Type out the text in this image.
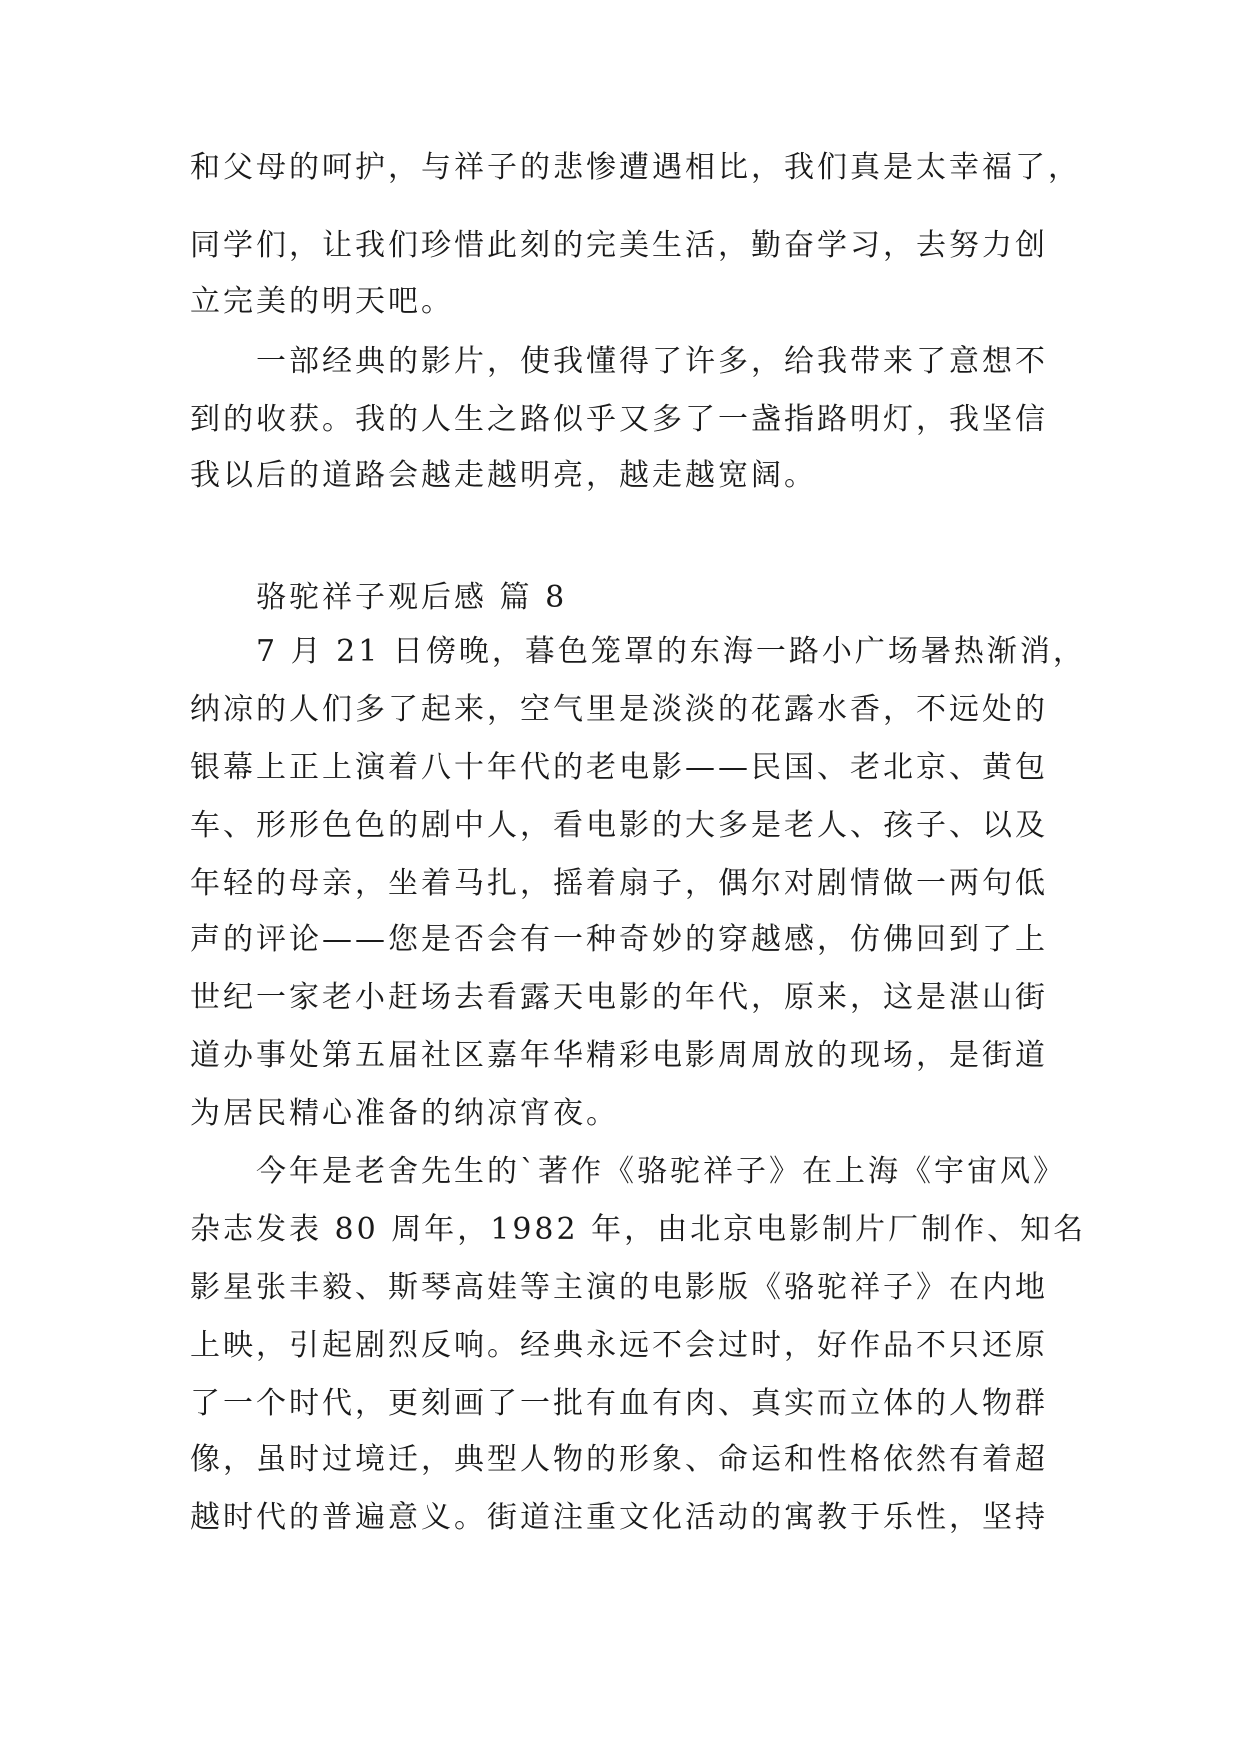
和父母的呵护，与祥子的悲惨遭遇相比，我们真是太幸福了，
同学们，让我们珍惜此刻的完美生活，勤奋学习，去努力创
立完美的明天吧。
一部经典的影片，使我懂得了许多，给我带来了意想不
到的收获。我的人生之路似乎又多了一盏指路明灯，我坚信
我以后的道路会越走越明亮，越走越宽阔。
骆驼祥子观后感 篇 8
7 月 21 日傍晚，暮色笼罩的东海一路小广场暑热渐消，
纳凉的人们多了起来，空气里是淡淡的花露水香，不远处的
银幕上正上演着八十年代的老电影——民国、老北京、黄包
车、形形色色的剧中人，看电影的大多是老人、孩子、以及
年轻的母亲，坐着马扎，摇着扇子，偶尔对剧情做一两句低
声的评论——您是否会有一种奇妙的穿越感，仿佛回到了上
世纪一家老小赶场去看露天电影的年代，原来，这是湛山街
道办事处第五届社区嘉年华精彩电影周周放的现场，是街道
为居民精心准备的纳凉宵夜。
今年是老舍先生的`著作《骆驼祥子》在上海《宇宙风》
杂志发表 80 周年，1982 年，由北京电影制片厂制作、知名
影星张丰毅、斯琴高娃等主演的电影版《骆驼祥子》在内地
上映，引起剧烈反响。经典永远不会过时，好作品不只还原
了一个时代，更刻画了一批有血有肉、真实而立体的人物群
像，虽时过境迁，典型人物的形象、命运和性格依然有着超
越时代的普遍意义。街道注重文化活动的寓教于乐性，坚持
